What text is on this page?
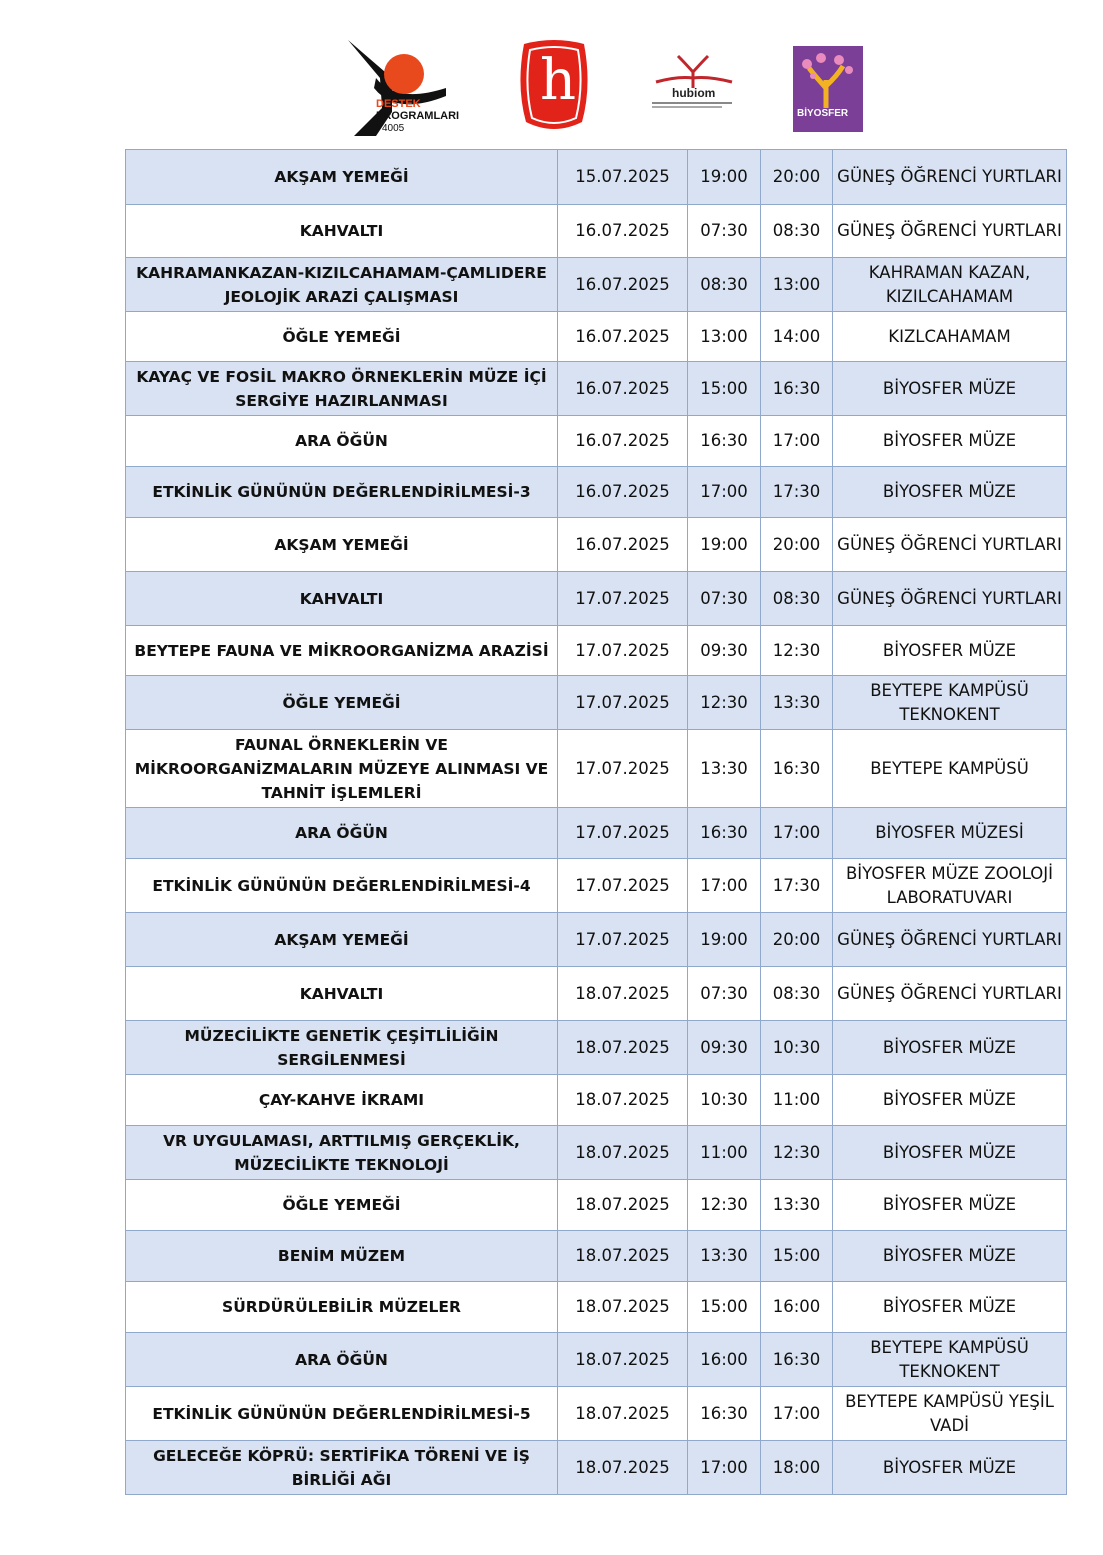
DESTEK
PROGRAMLARI
4005
h	hubiom
BİYOSFER
AKŞAM YEMEĞİ	15.07.2025	19:00	20:00	GÜNEŞ ÖĞRENCİ YURTLARI
KAHVALTI	16.07.2025	07:30	08:30	GÜNEŞ ÖĞRENCİ YURTLARI
KAHRAMANKAZAN-KIZILCAHAMAM-ÇAMLIDERE JEOLOJİK ARAZİ ÇALIŞMASI	16.07.2025	08:30	13:00	KAHRAMAN KAZAN, KIZILCAHAMAM
ÖĞLE YEMEĞİ	16.07.2025	13:00	14:00	KIZLCAHAMAM
KAYAÇ VE FOSİL MAKRO ÖRNEKLERİN MÜZE İÇİ SERGİYE HAZIRLANMASI	16.07.2025	15:00	16:30	BİYOSFER MÜZE
ARA ÖĞÜN	16.07.2025	16:30	17:00	BİYOSFER MÜZE
ETKİNLİK GÜNÜNÜN DEĞERLENDİRİLMESİ-3	16.07.2025	17:00	17:30	BİYOSFER MÜZE
AKŞAM YEMEĞİ	16.07.2025	19:00	20:00	GÜNEŞ ÖĞRENCİ YURTLARI
KAHVALTI	17.07.2025	07:30	08:30	GÜNEŞ ÖĞRENCİ YURTLARI
BEYTEPE FAUNA VE MİKROORGANİZMA ARAZİSİ	17.07.2025	09:30	12:30	BİYOSFER MÜZE
ÖĞLE YEMEĞİ	17.07.2025	12:30	13:30	BEYTEPE KAMPÜSÜ TEKNOKENT
FAUNAL ÖRNEKLERİN VE MİKROORGANİZMALARIN MÜZEYE ALINMASI VE TAHNİT İŞLEMLERİ	17.07.2025	13:30	16:30	BEYTEPE KAMPÜSÜ
ARA ÖĞÜN	17.07.2025	16:30	17:00	BİYOSFER MÜZESİ
ETKİNLİK GÜNÜNÜN DEĞERLENDİRİLMESİ-4	17.07.2025	17:00	17:30	BİYOSFER MÜZE ZOOLOJİ LABORATUVARI
AKŞAM YEMEĞİ	17.07.2025	19:00	20:00	GÜNEŞ ÖĞRENCİ YURTLARI
KAHVALTI	18.07.2025	07:30	08:30	GÜNEŞ ÖĞRENCİ YURTLARI
MÜZECİLİKTE GENETİK ÇEŞİTLİLİĞİN SERGİLENMESİ	18.07.2025	09:30	10:30	BİYOSFER MÜZE
ÇAY-KAHVE İKRAMI	18.07.2025	10:30	11:00	BİYOSFER MÜZE
VR UYGULAMASI, ARTTILMIŞ GERÇEKLİK, MÜZECİLİKTE TEKNOLOJİ	18.07.2025	11:00	12:30	BİYOSFER MÜZE
ÖĞLE YEMEĞİ	18.07.2025	12:30	13:30	BİYOSFER MÜZE
BENİM MÜZEM	18.07.2025	13:30	15:00	BİYOSFER MÜZE
SÜRDÜRÜLEBİLİR MÜZELER	18.07.2025	15:00	16:00	BİYOSFER MÜZE
ARA ÖĞÜN	18.07.2025	16:00	16:30	BEYTEPE KAMPÜSÜ TEKNOKENT
ETKİNLİK GÜNÜNÜN DEĞERLENDİRİLMESİ-5	18.07.2025	16:30	17:00	BEYTEPE KAMPÜSÜ YEŞİL VADİ
GELECEĞE KÖPRÜ: SERTİFİKA TÖRENİ VE İŞ BİRLİĞİ AĞI	18.07.2025	17:00	18:00	BİYOSFER MÜZE
